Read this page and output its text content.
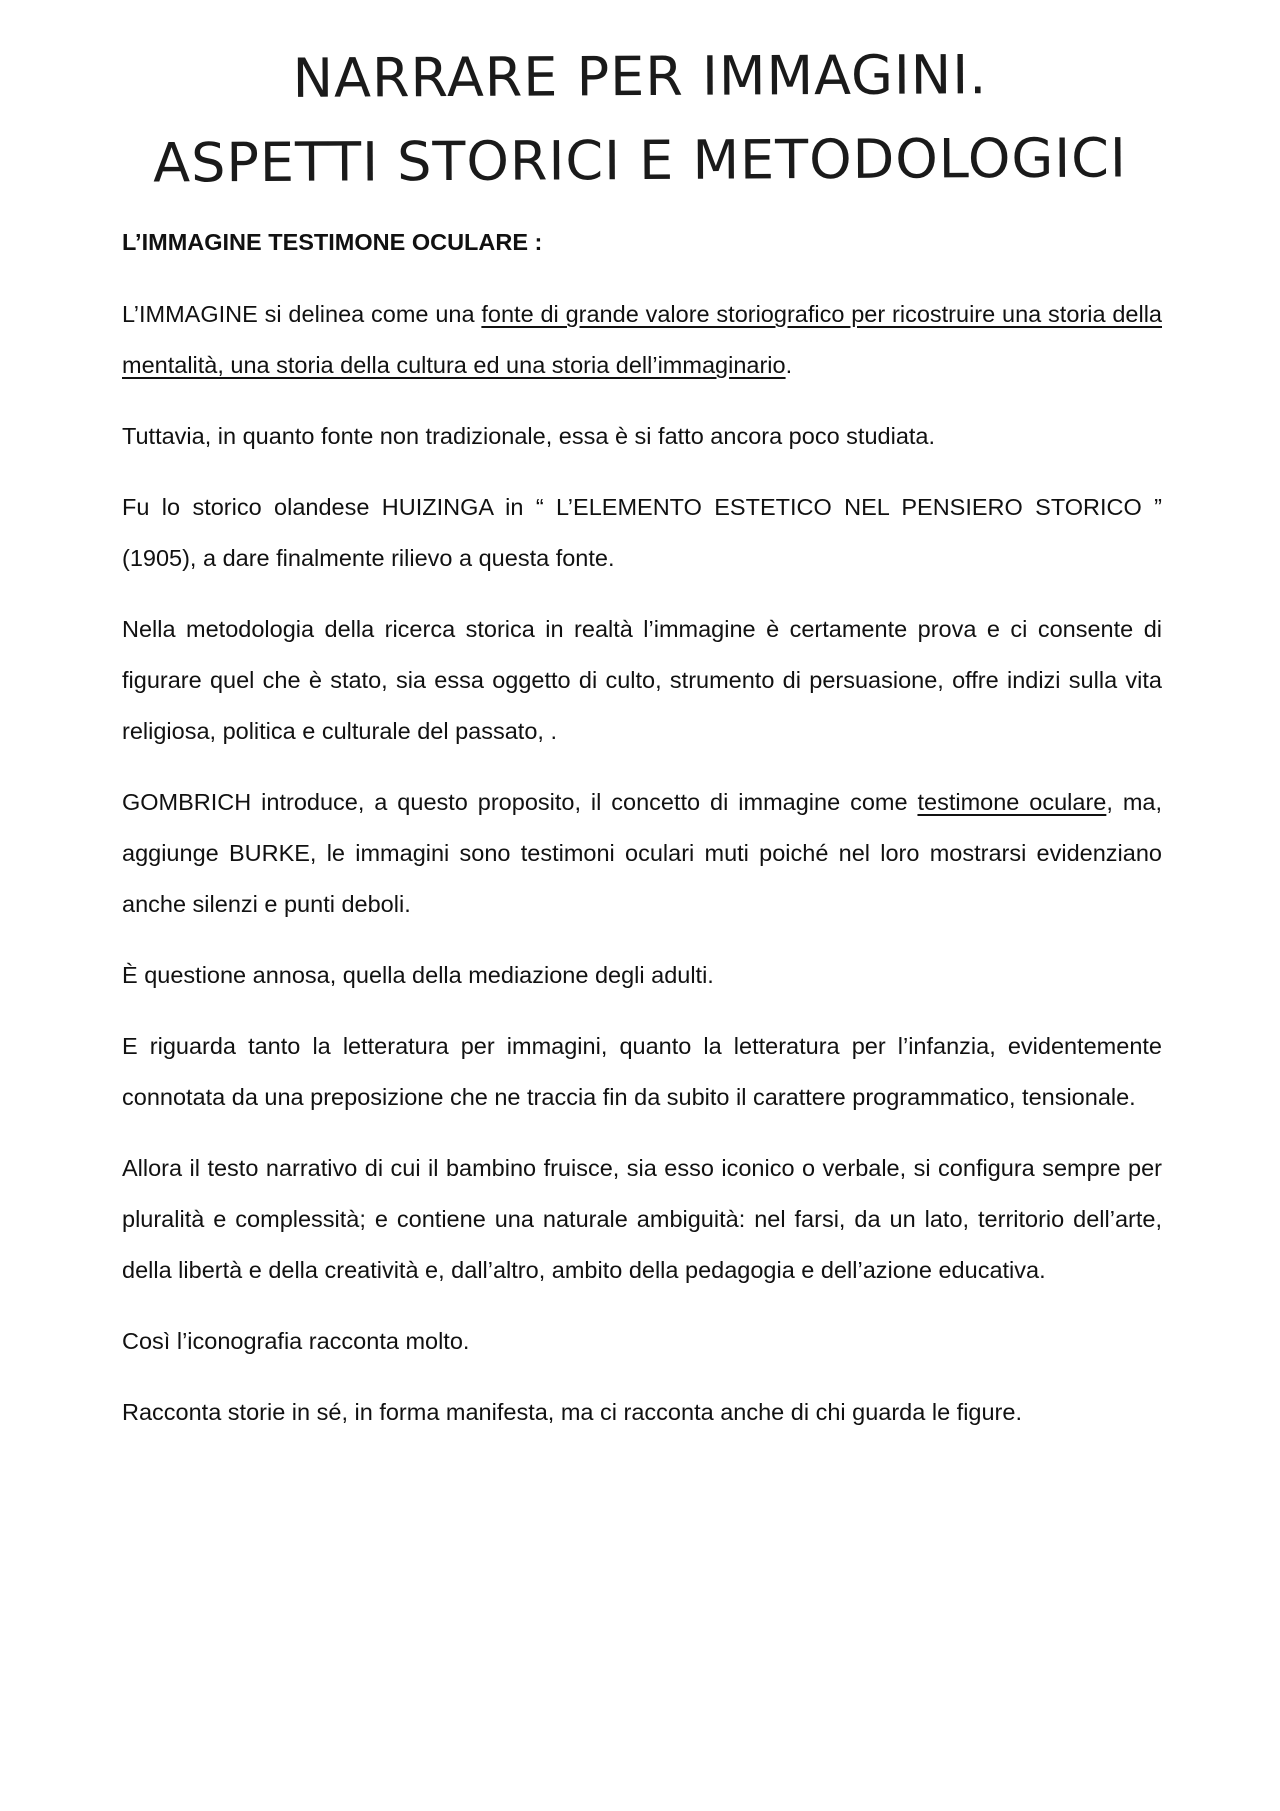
NARRARE PER IMMAGINI.
ASPETTI STORICI E METODOLOGICI

L’IMMAGINE TESTIMONE OCULARE :

L’IMMAGINE si delinea come una fonte di grande valore storiografico per ricostruire una storia della mentalità, una storia della cultura ed una storia dell’immaginario.

Tuttavia, in quanto fonte non tradizionale, essa è si fatto ancora poco studiata.

Fu lo storico olandese HUIZINGA in “ L’ELEMENTO ESTETICO NEL PENSIERO STORICO ” (1905), a dare finalmente rilievo a questa fonte.

Nella metodologia della ricerca storica in realtà l’immagine è certamente prova e ci consente di figurare quel che è stato, sia essa oggetto di culto, strumento di persuasione, offre indizi sulla vita religiosa, politica e culturale del passato, .

GOMBRICH introduce, a questo proposito, il concetto di immagine come testimone oculare, ma, aggiunge BURKE, le immagini sono testimoni oculari muti poiché nel loro mostrarsi evidenziano anche silenzi e punti deboli.

È questione annosa, quella della mediazione degli adulti.

E riguarda tanto la letteratura per immagini, quanto la letteratura per l’infanzia, evidentemente connotata da una preposizione che ne traccia fin da subito il carattere programmatico, tensionale.

Allora il testo narrativo di cui il bambino fruisce, sia esso iconico o verbale, si configura sempre per pluralità e complessità; e contiene una naturale ambiguità: nel farsi, da un lato, territorio dell’arte, della libertà e della creatività e, dall’altro, ambito della pedagogia e dell’azione educativa.

Così l’iconografia racconta molto.

Racconta storie in sé, in forma manifesta, ma ci racconta anche di chi guarda le figure.
